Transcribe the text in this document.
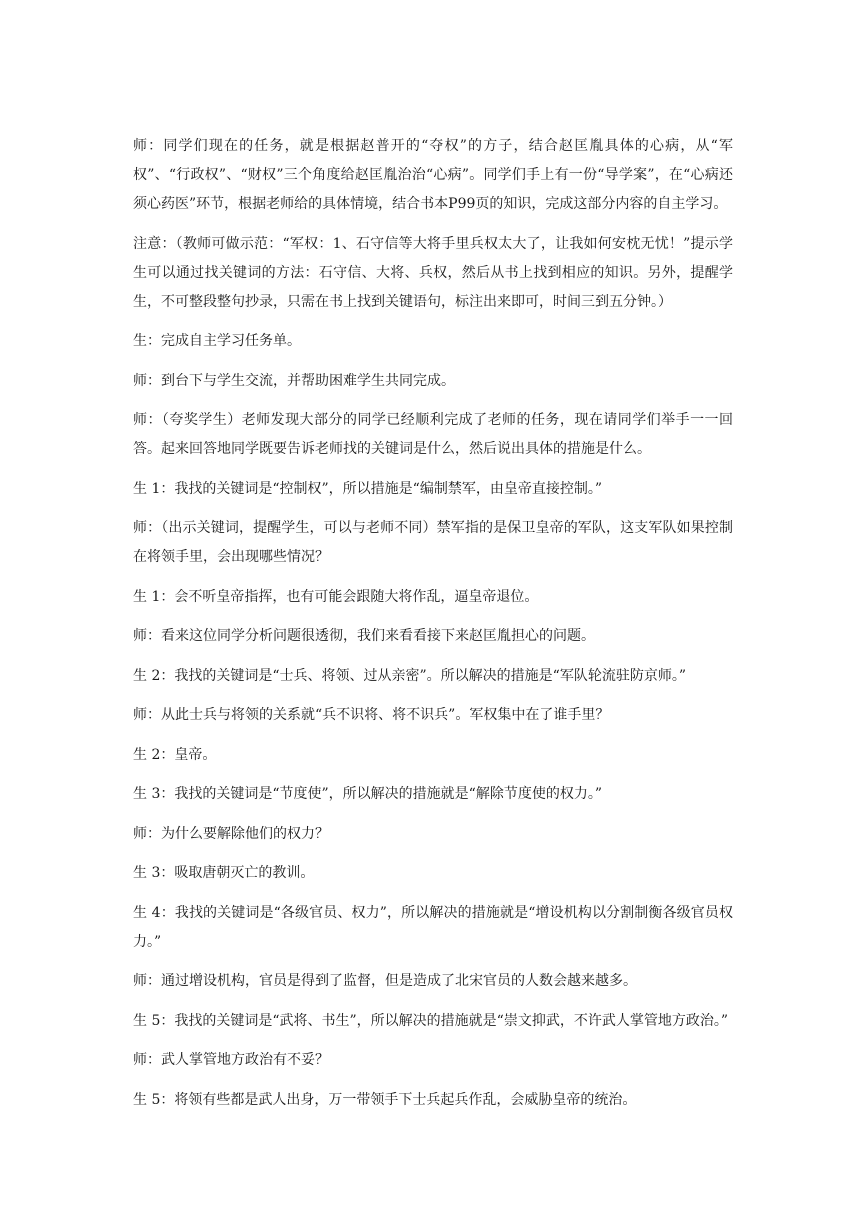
师：同学们现在的任务，就是根据赵普开的“夺权”的方子，结合赵匡胤具体的心病，从“军权”、“行政权”、“财权”三个角度给赵匡胤治治“心病”。同学们手上有一份“导学案”，在“心病还须心药医”环节，根据老师给的具体情境，结合书本P99页的知识，完成这部分内容的自主学习。

注意：（教师可做示范：“军权：1、石守信等大将手里兵权太大了，让我如何安枕无忧！”提示学生可以通过找关键词的方法：石守信、大将、兵权，然后从书上找到相应的知识。另外，提醒学生，不可整段整句抄录，只需在书上找到关键语句，标注出来即可，时间三到五分钟。）

生：完成自主学习任务单。

师：到台下与学生交流，并帮助困难学生共同完成。

师：（夸奖学生）老师发现大部分的同学已经顺利完成了老师的任务，现在请同学们举手一一回答。起来回答地同学既要告诉老师找的关键词是什么，然后说出具体的措施是什么。

生 1：我找的关键词是“控制权”，所以措施是“编制禁军，由皇帝直接控制。”

师：（出示关键词，提醒学生，可以与老师不同）禁军指的是保卫皇帝的军队，这支军队如果控制在将领手里，会出现哪些情况？

生 1：会不听皇帝指挥，也有可能会跟随大将作乱，逼皇帝退位。

师：看来这位同学分析问题很透彻，我们来看看接下来赵匡胤担心的问题。

生 2：我找的关键词是“士兵、将领、过从亲密”。所以解决的措施是“军队轮流驻防京师。”

师：从此士兵与将领的关系就“兵不识将、将不识兵”。军权集中在了谁手里？

生 2：皇帝。

生 3：我找的关键词是“节度使”，所以解决的措施就是“解除节度使的权力。”

师：为什么要解除他们的权力？

生 3：吸取唐朝灭亡的教训。

生 4：我找的关键词是“各级官员、权力”，所以解决的措施就是“增设机构以分割制衡各级官员权力。”

师：通过增设机构，官员是得到了监督，但是造成了北宋官员的人数会越来越多。

生 5：我找的关键词是“武将、书生”，所以解决的措施就是“崇文抑武，不许武人掌管地方政治。”

师：武人掌管地方政治有不妥？

生 5：将领有些都是武人出身，万一带领手下士兵起兵作乱，会威胁皇帝的统治。
